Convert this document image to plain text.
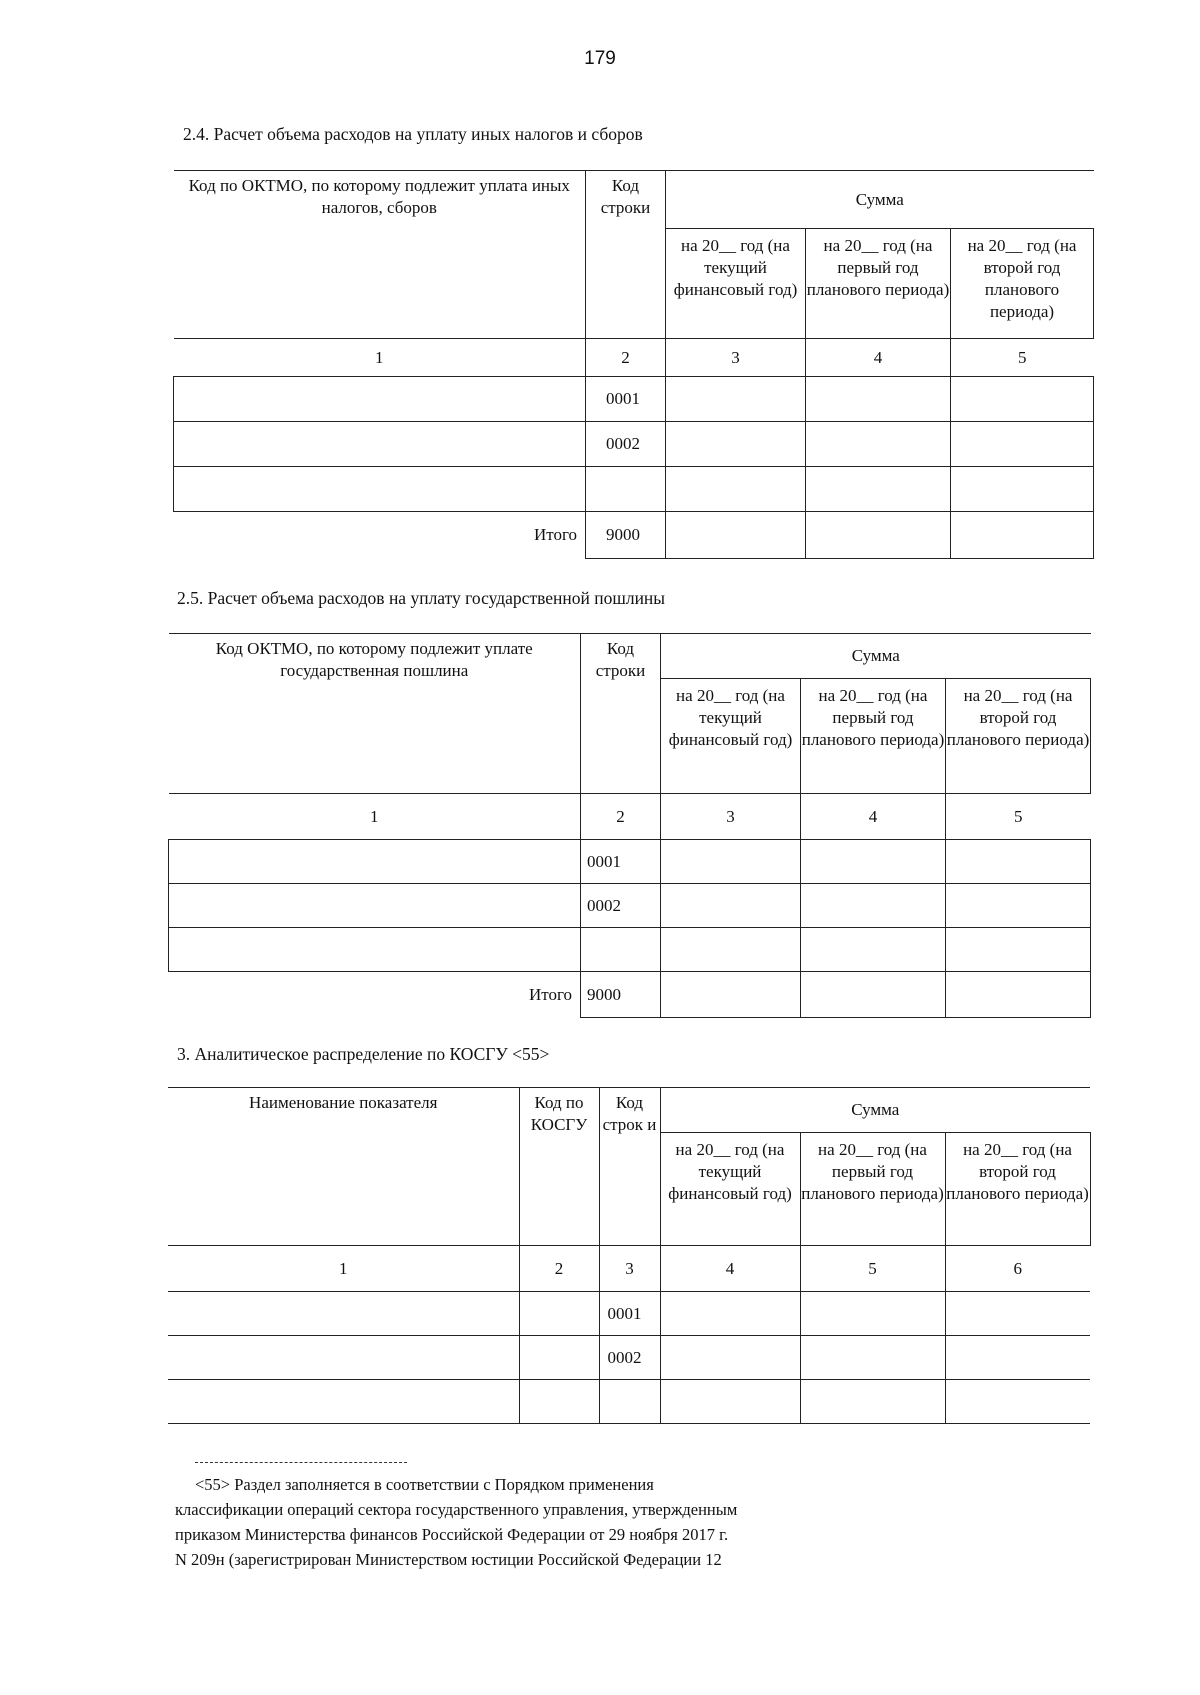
179
2.4. Расчет объема расходов на уплату иных налогов и сборов
Код по ОКТМО, по которому подлежит уплата иных налогов, сборов	Код строки	Сумма		
		на 20__ год (на текущий финансовый год)	на 20__ год (на первый год планового периода)	на 20__ год (на второй год планового периода)
1	2	3	4	5
	0001			
	0002			

Итого	9000			
2.5. Расчет объема расходов на уплату государственной пошлины
Код ОКТМО, по которому подлежит уплате государственная пошлина	Код строки	Сумма		
		на 20__ год (на текущий финансовый год)	на 20__ год (на первый год планового периода)	на 20__ год (на второй год планового периода)
1	2	3	4	5
	0001			
	0002			

Итого	9000			
3. Аналитическое распределение по КОСГУ <55>
Наименование показателя	Код по КОСГУ	Код строк и	Сумма		
			на 20__ год (на текущий финансовый год)	на 20__ год (на первый год планового периода)	на 20__ год (на второй год планового периода)
1	2	3	4	5	6
		0001			
		0002			

<55> Раздел заполняется в соответствии с Порядком применения
классификации операций сектора государственного управления, утвержденным
приказом Министерства финансов Российской Федерации от 29 ноября 2017 г.
N 209н (зарегистрирован Министерством юстиции Российской Федерации 12
